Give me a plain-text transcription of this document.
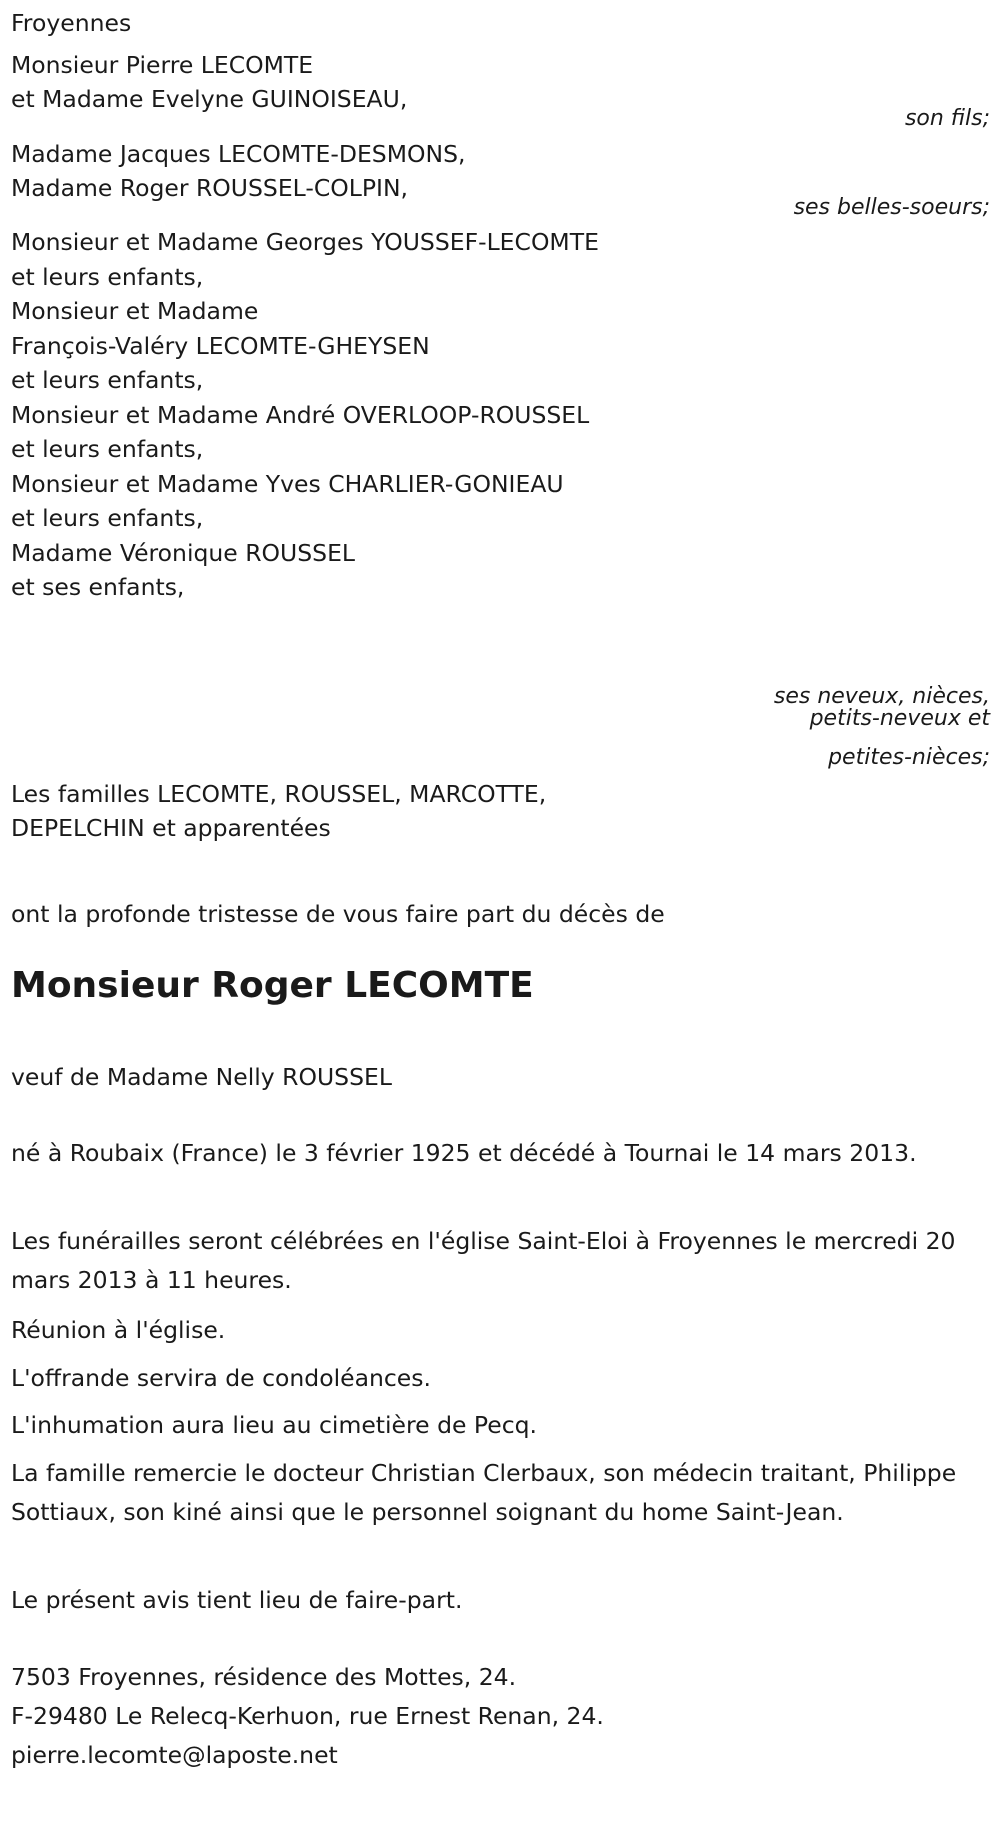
Froyennes
Monsieur Pierre LECOMTE
et Madame Evelyne GUINOISEAU,
son fils;
Madame Jacques LECOMTE-DESMONS,
Madame Roger ROUSSEL-COLPIN,
ses belles-soeurs;
Monsieur et Madame Georges YOUSSEF-LECOMTE
et leurs enfants,
Monsieur et Madame
François-Valéry LECOMTE-GHEYSEN
et leurs enfants,
Monsieur et Madame André OVERLOOP-ROUSSEL
et leurs enfants,
Monsieur et Madame Yves CHARLIER-GONIEAU
et leurs enfants,
Madame Véronique ROUSSEL
et ses enfants,
ses neveux, nièces,
petits-neveux et
petites-nièces;
Les familles LECOMTE, ROUSSEL, MARCOTTE,
DEPELCHIN et apparentées
ont la profonde tristesse de vous faire part du décès de
Monsieur Roger LECOMTE
veuf de Madame Nelly ROUSSEL
né à Roubaix (France) le 3 février 1925 et décédé à Tournai le 14 mars 2013.
Les funérailles seront célébrées en l'église Saint-Eloi à Froyennes le mercredi 20 mars 2013 à 11 heures.
Réunion à l'église.
L'offrande servira de condoléances.
L'inhumation aura lieu au cimetière de Pecq.
La famille remercie le docteur Christian Clerbaux, son médecin traitant, Philippe Sottiaux, son kiné ainsi que le personnel soignant du home Saint-Jean.
Le présent avis tient lieu de faire-part.
7503 Froyennes, résidence des Mottes, 24.
F-29480 Le Relecq-Kerhuon, rue Ernest Renan, 24.
pierre.lecomte@laposte.net
